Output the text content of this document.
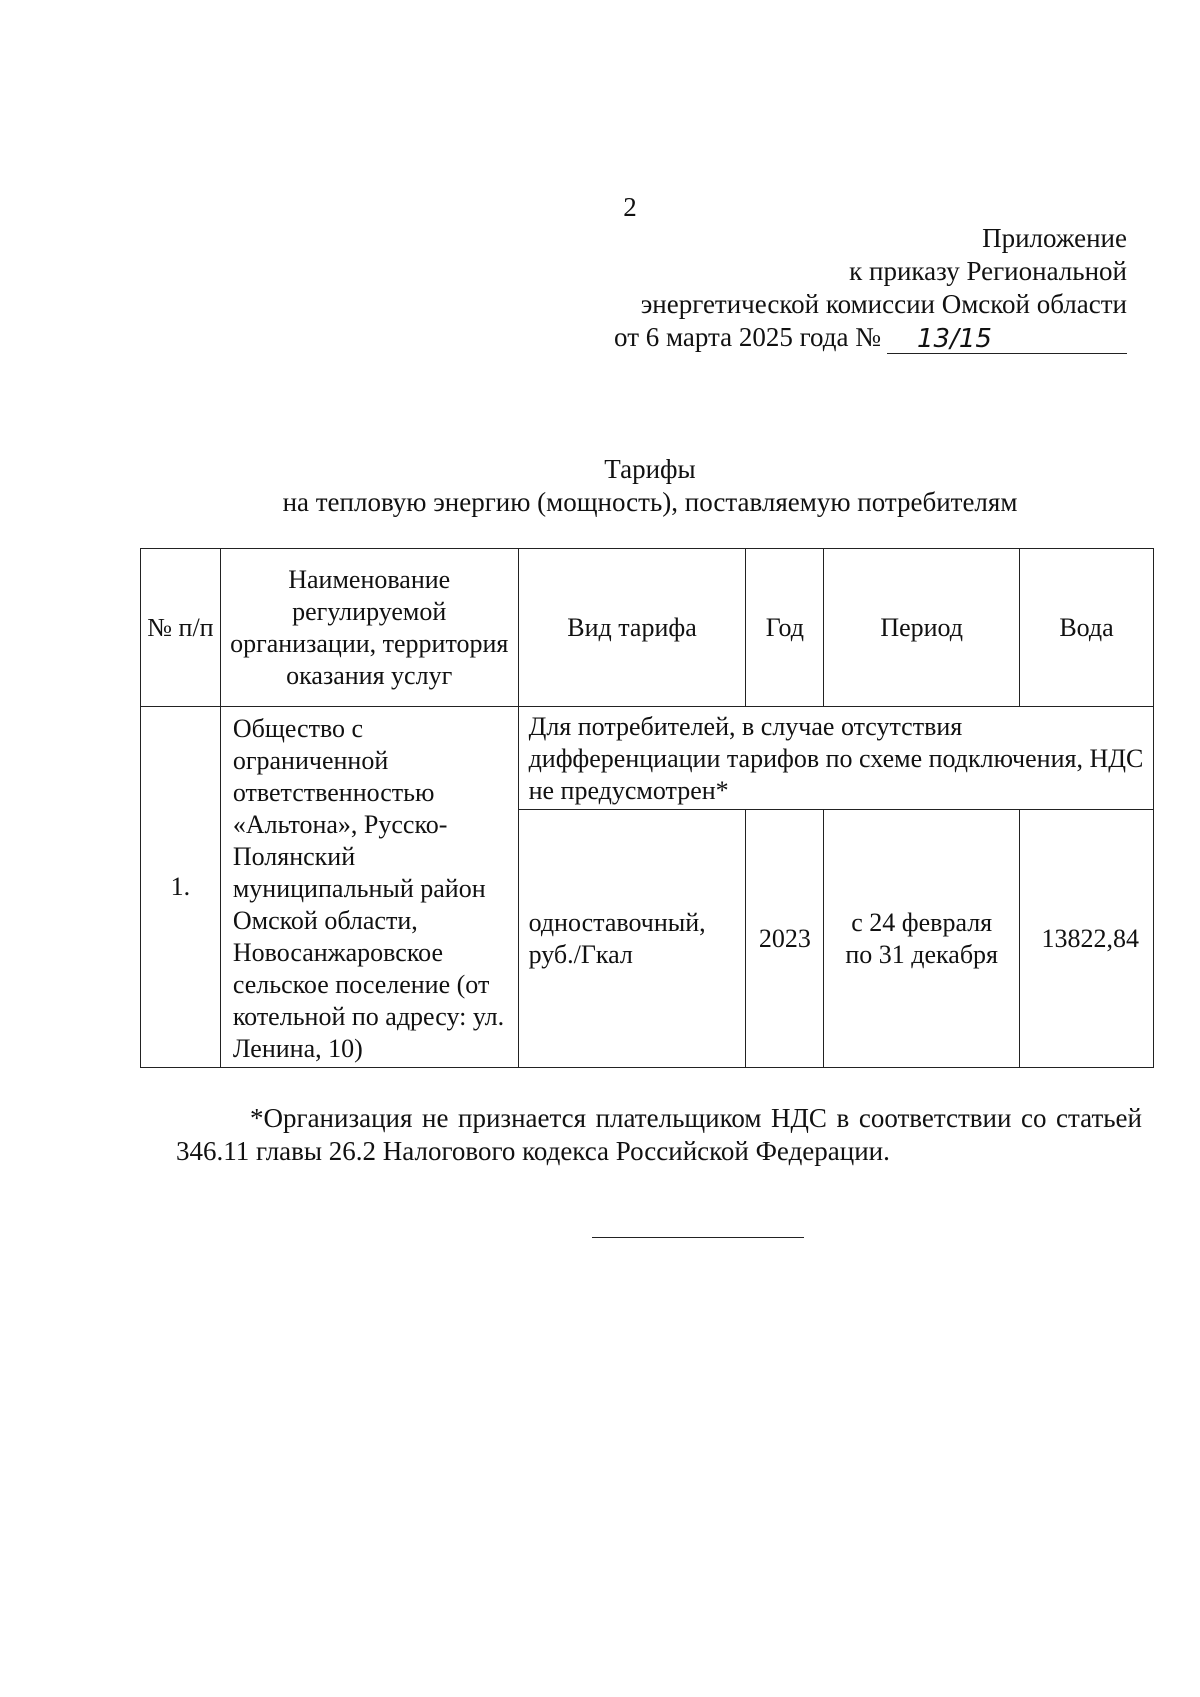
2
Приложение
к приказу Региональной
энергетической комиссии Омской области
от 6 марта 2025 года №	13/15
Тарифы
на тепловую энергию (мощность), поставляемую потребителям
№ п/п	Наименование регулируемой организации, территория оказания услуг	Вид тарифа	Год	Период	Вода
1.	Общество с ограниченной ответственностью «Альтона», Русско-Полянский муниципальный район Омской области, Новосанжаровское сельское поселение (от котельной по адресу: ул. Ленина, 10)	Для потребителей, в случае отсутствия дифференциации тарифов по схеме подключения, НДС не предусмотрен*			
		одноставочный, руб./Гкал	2023	с 24 февраля по 31 декабря	13822,84
*Организация не признается плательщиком НДС в соответствии со статьей 346.11 главы 26.2 Налогового кодекса Российской Федерации.
